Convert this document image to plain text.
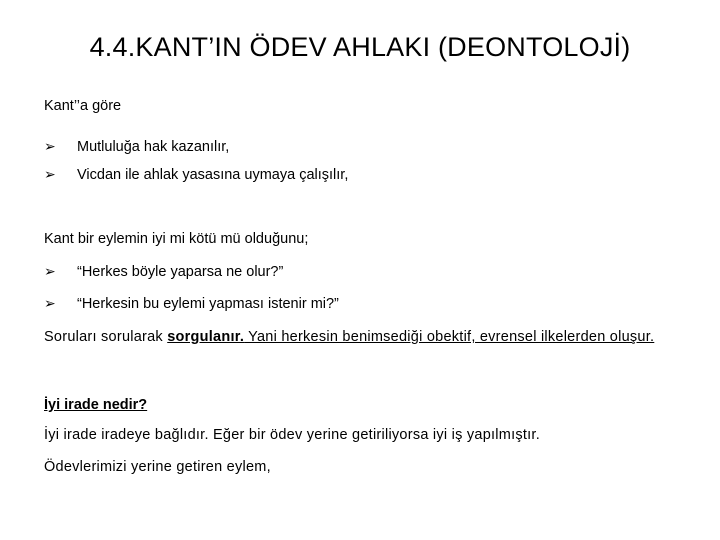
4.4.KANT’IN ÖDEV AHLAKI (DEONTOLOJİ)
Kant’’a göre
➢ Mutluluğa hak kazanılır,
➢ Vicdan ile ahlak yasasına uymaya çalışılır,
Kant bir eylemin iyi mi kötü mü olduğunu;
➢ “Herkes böyle yaparsa ne olur?”
➢ “Herkesin bu eylemi yapması istenir mi?”
Soruları sorularak sorgulanır. Yani herkesin benimsediği obektif, evrensel ilkelerden oluşur.
İyi irade nedir?
İyi irade iradeye bağlıdır. Eğer bir ödev yerine getiriliyorsa iyi iş yapılmıştır.
Ödevlerimizi yerine getiren eylem,
